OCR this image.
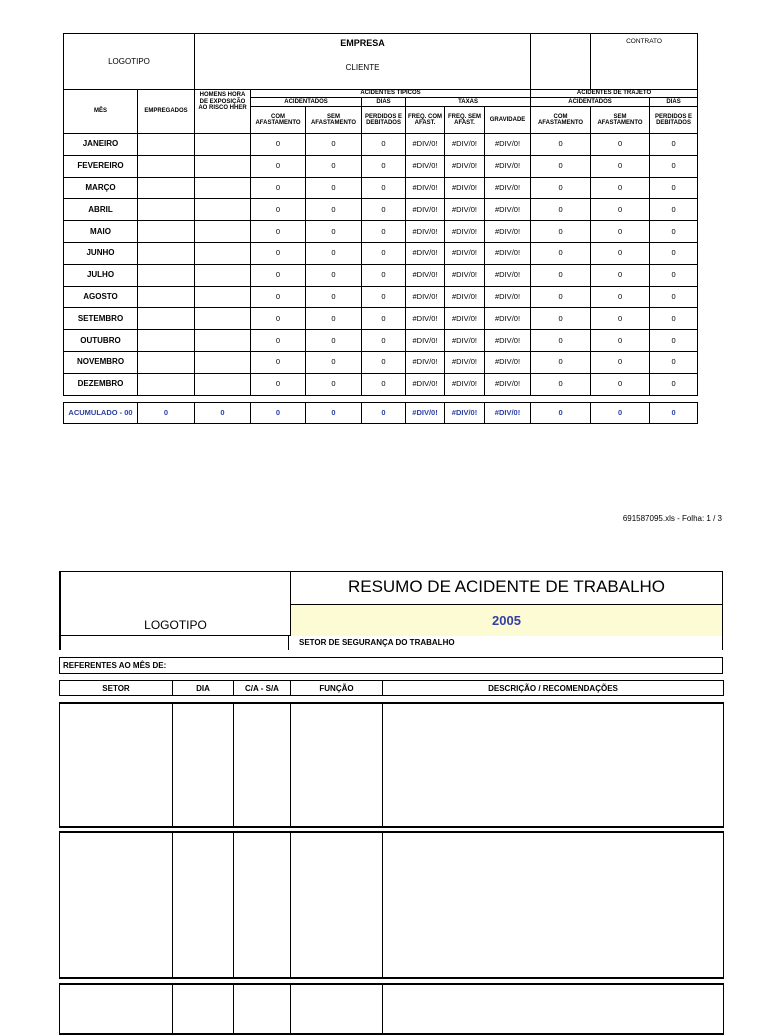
LOGOTIPO		EMPRESA
CLIENTE								CONTRATO	
MÊS	EMPREGADOS	HOMENS HORA DE EXPOSIÇÃO AO RISCO HHER	ACIDENTES TÍPICOS						ACIDENTES DE TRAJETO		
			ACIDENTADOS		DIAS	TAXAS			ACIDENTADOS		DIAS
			COM AFASTAMENTO	SEM AFASTAMENTO	PERDIDOS E DEBITADOS	FREQ. COM AFAST.	FREQ. SEM AFAST.	GRAVIDADE	COM AFASTAMENTO	SEM AFASTAMENTO	PERDIDOS E DEBITADOS
JANEIRO			0	0	0	#DIV/0!	#DIV/0!	#DIV/0!	0	0	0
FEVEREIRO			0	0	0	#DIV/0!	#DIV/0!	#DIV/0!	0	0	0
MARÇO			0	0	0	#DIV/0!	#DIV/0!	#DIV/0!	0	0	0
ABRIL			0	0	0	#DIV/0!	#DIV/0!	#DIV/0!	0	0	0
MAIO			0	0	0	#DIV/0!	#DIV/0!	#DIV/0!	0	0	0
JUNHO			0	0	0	#DIV/0!	#DIV/0!	#DIV/0!	0	0	0
JULHO			0	0	0	#DIV/0!	#DIV/0!	#DIV/0!	0	0	0
AGOSTO			0	0	0	#DIV/0!	#DIV/0!	#DIV/0!	0	0	0
SETEMBRO			0	0	0	#DIV/0!	#DIV/0!	#DIV/0!	0	0	0
OUTUBRO			0	0	0	#DIV/0!	#DIV/0!	#DIV/0!	0	0	0
NOVEMBRO			0	0	0	#DIV/0!	#DIV/0!	#DIV/0!	0	0	0
DEZEMBRO			0	0	0	#DIV/0!	#DIV/0!	#DIV/0!	0	0	0

ACUMULADO - 00	0	0	0	0	0	#DIV/0!	#DIV/0!	#DIV/0!	0	0	0
691587095.xls - Folha: 1 / 3
LOGOTIPO
RESUMO DE ACIDENTE DE TRABALHO
2005
SETOR DE SEGURANÇA DO TRABALHO
REFERENTES AO MÊS DE:
SETOR	DIA	C/A - S/A	FUNÇÃO	DESCRIÇÃO / RECOMENDAÇÕES
